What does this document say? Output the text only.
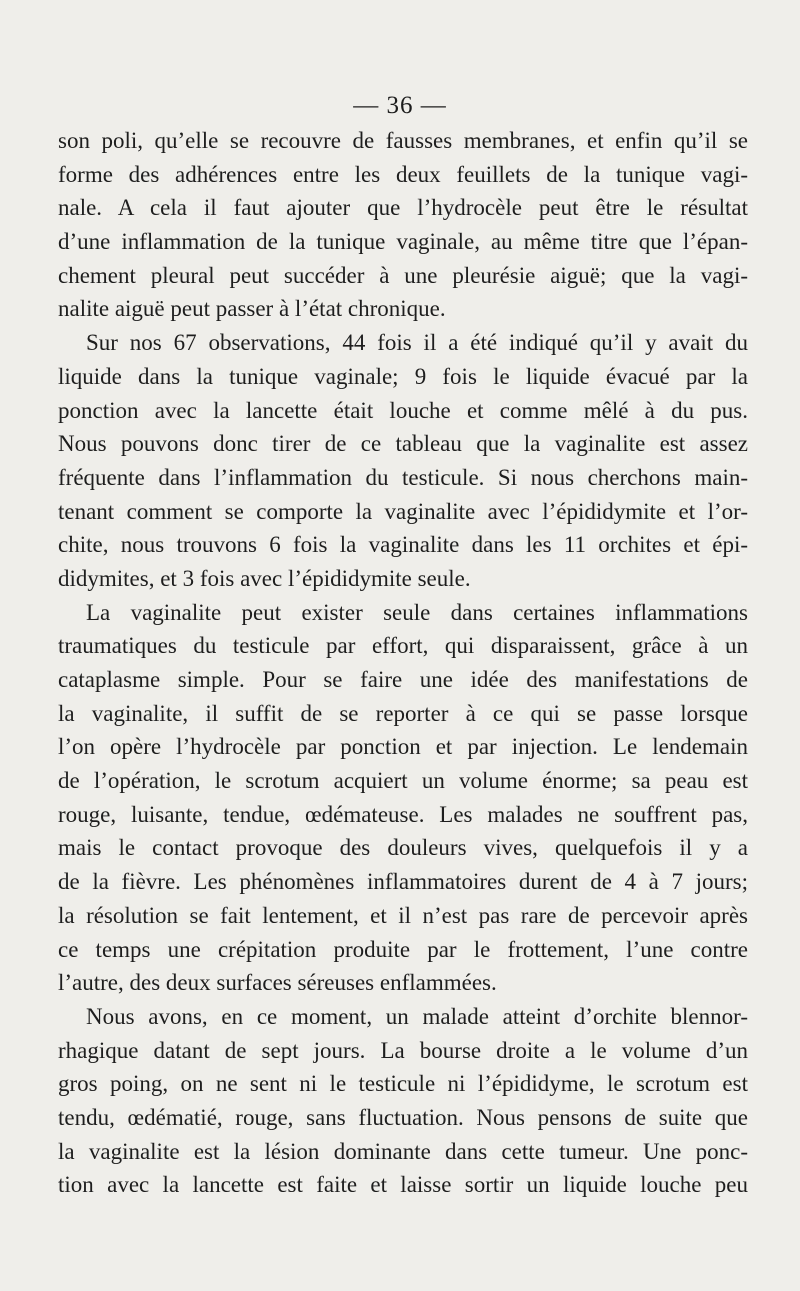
— 36 —
son poli, qu’elle se recouvre de fausses membranes, et enfin qu’il se
forme des adhérences entre les deux feuillets de la tunique vagi-
nale. A cela il faut ajouter que l’hydrocèle peut être le résultat
d’une inflammation de la tunique vaginale, au même titre que l’épan-
chement pleural peut succéder à une pleurésie aiguë; que la vagi-
nalite aiguë peut passer à l’état chronique.
Sur nos 67 observations, 44 fois il a été indiqué qu’il y avait du
liquide dans la tunique vaginale; 9 fois le liquide évacué par la
ponction avec la lancette était louche et comme mêlé à du pus.
Nous pouvons donc tirer de ce tableau que la vaginalite est assez
fréquente dans l’inflammation du testicule. Si nous cherchons main-
tenant comment se comporte la vaginalite avec l’épididymite et l’or-
chite, nous trouvons 6 fois la vaginalite dans les 11 orchites et épi-
didymites, et 3 fois avec l’épididymite seule.
La vaginalite peut exister seule dans certaines inflammations
traumatiques du testicule par effort, qui disparaissent, grâce à un
cataplasme simple. Pour se faire une idée des manifestations de
la vaginalite, il suffit de se reporter à ce qui se passe lorsque
l’on opère l’hydrocèle par ponction et par injection. Le lendemain
de l’opération, le scrotum acquiert un volume énorme; sa peau est
rouge, luisante, tendue, œdémateuse. Les malades ne souffrent pas,
mais le contact provoque des douleurs vives, quelquefois il y a
de la fièvre. Les phénomènes inflammatoires durent de 4 à 7 jours;
la résolution se fait lentement, et il n’est pas rare de percevoir après
ce temps une crépitation produite par le frottement, l’une contre
l’autre, des deux surfaces séreuses enflammées.
Nous avons, en ce moment, un malade atteint d’orchite blennor-
rhagique datant de sept jours. La bourse droite a le volume d’un
gros poing, on ne sent ni le testicule ni l’épididyme, le scrotum est
tendu, œdématié, rouge, sans fluctuation. Nous pensons de suite que
la vaginalite est la lésion dominante dans cette tumeur. Une ponc-
tion avec la lancette est faite et laisse sortir un liquide louche peu
